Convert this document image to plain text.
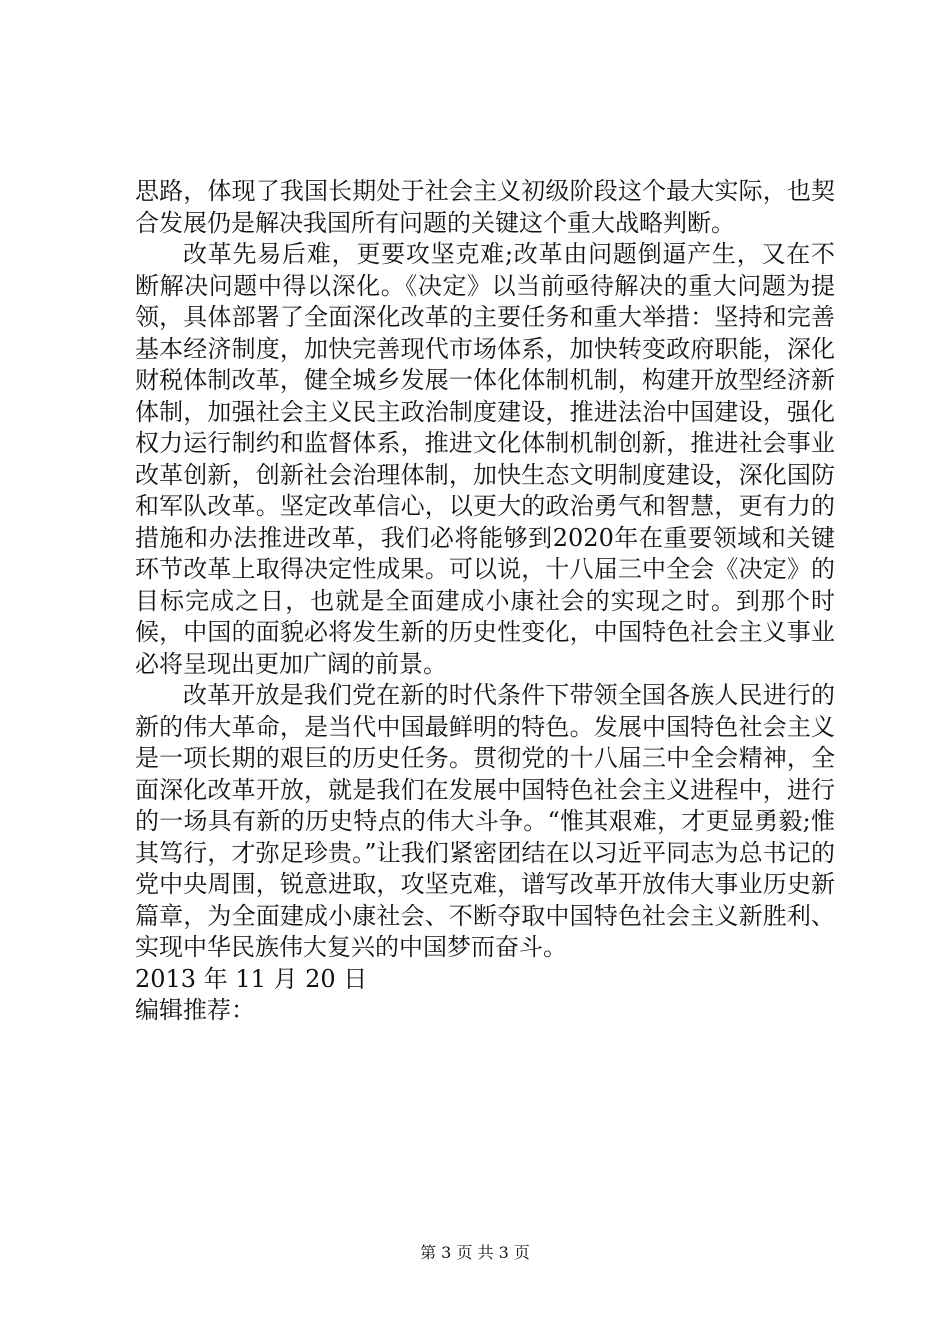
思路，体现了我国长期处于社会主义初级阶段这个最大实际，也契合发展仍是解决我国所有问题的关键这个重大战略判断。

改革先易后难，更要攻坚克难;改革由问题倒逼产生，又在不断解决问题中得以深化。《决定》以当前亟待解决的重大问题为提领，具体部署了全面深化改革的主要任务和重大举措：坚持和完善基本经济制度，加快完善现代市场体系，加快转变政府职能，深化财税体制改革，健全城乡发展一体化体制机制，构建开放型经济新体制，加强社会主义民主政治制度建设，推进法治中国建设，强化权力运行制约和监督体系，推进文化体制机制创新，推进社会事业改革创新，创新社会治理体制，加快生态文明制度建设，深化国防和军队改革。坚定改革信心，以更大的政治勇气和智慧，更有力的措施和办法推进改革，我们必将能够到2020年在重要领域和关键环节改革上取得决定性成果。可以说，十八届三中全会《决定》的目标完成之日，也就是全面建成小康社会的实现之时。到那个时候，中国的面貌必将发生新的历史性变化，中国特色社会主义事业必将呈现出更加广阔的前景。

改革开放是我们党在新的时代条件下带领全国各族人民进行的新的伟大革命，是当代中国最鲜明的特色。发展中国特色社会主义是一项长期的艰巨的历史任务。贯彻党的十八届三中全会精神，全面深化改革开放，就是我们在发展中国特色社会主义进程中，进行的一场具有新的历史特点的伟大斗争。“惟其艰难，才更显勇毅;惟其笃行，才弥足珍贵。”让我们紧密团结在以习近平同志为总书记的党中央周围，锐意进取，攻坚克难，谱写改革开放伟大事业历史新篇章，为全面建成小康社会、不断夺取中国特色社会主义新胜利、实现中华民族伟大复兴的中国梦而奋斗。

2013 年 11 月 20 日

编辑推荐：

第 3 页 共 3 页
